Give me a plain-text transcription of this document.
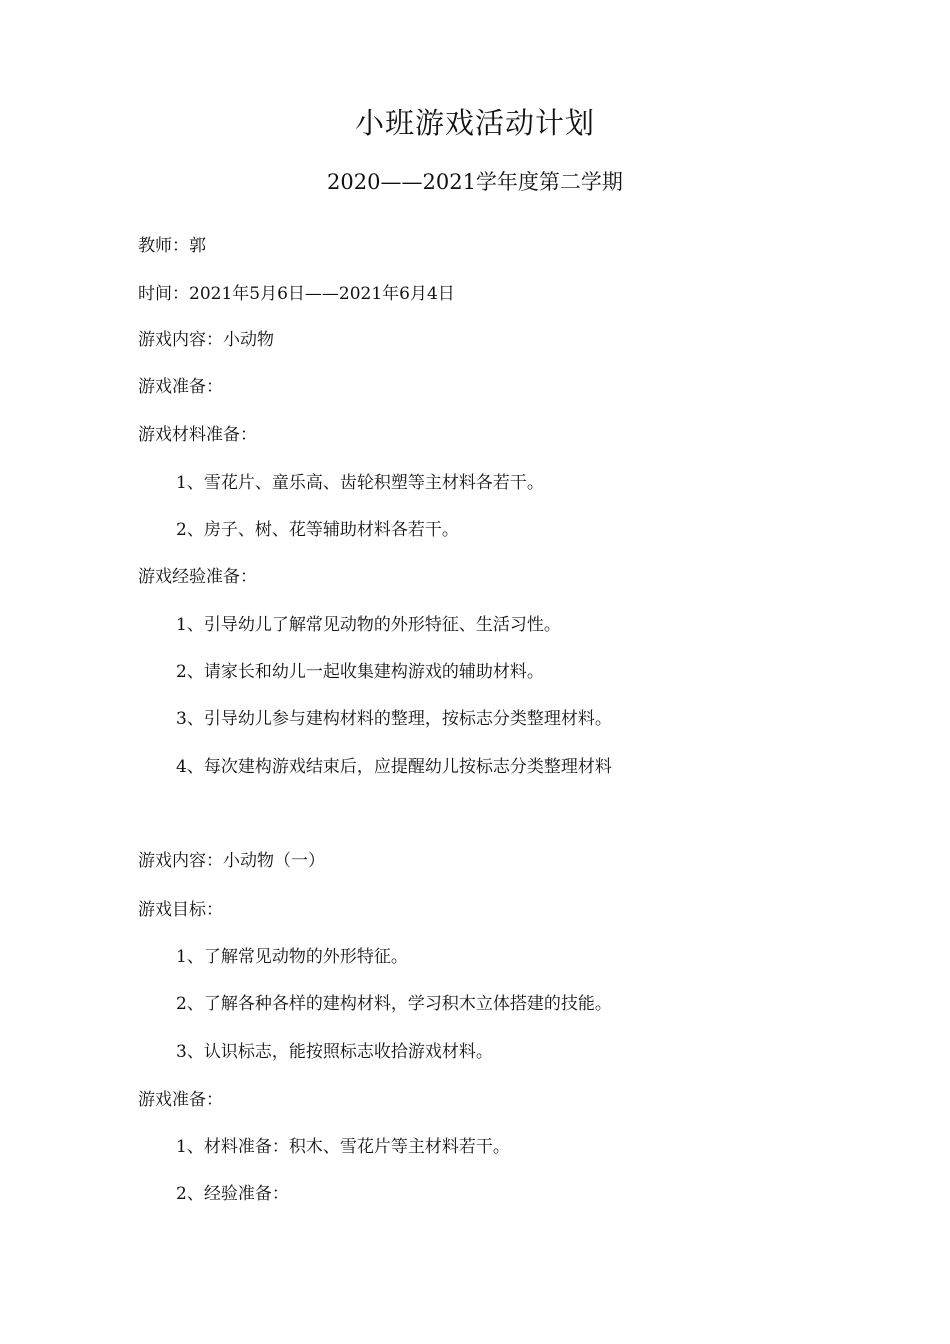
小班游戏活动计划
2020——2021学年度第二学期
教师：郭
时间：2021年5月6日——2021年6月4日
游戏内容：小动物
游戏准备：
游戏材料准备：
1、雪花片、童乐高、齿轮积塑等主材料各若干。
2、房子、树、花等辅助材料各若干。
游戏经验准备：
1、引导幼儿了解常见动物的外形特征、生活习性。
2、请家长和幼儿一起收集建构游戏的辅助材料。
3、引导幼儿参与建构材料的整理，按标志分类整理材料。
4、每次建构游戏结束后，应提醒幼儿按标志分类整理材料
游戏内容：小动物（一）
游戏目标：
1、了解常见动物的外形特征。
2、了解各种各样的建构材料，学习积木立体搭建的技能。
3、认识标志，能按照标志收拾游戏材料。
游戏准备：
1、材料准备：积木、雪花片等主材料若干。
2、经验准备：
